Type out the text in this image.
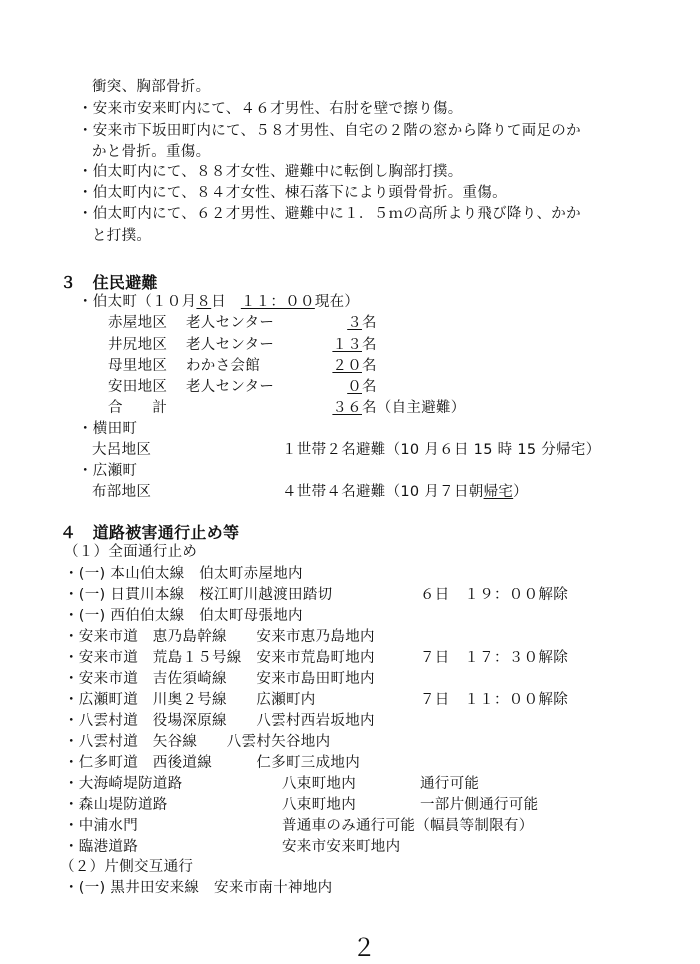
衝突、胸部骨折。
・安来市安来町内にて、４６才男性、右肘を壁で擦り傷。
・安来市下坂田町内にて、５８才男性、自宅の２階の窓から降りて両足のか
かと骨折。重傷。
・伯太町内にて、８８才女性、避難中に転倒し胸部打撲。
・伯太町内にて、８４才女性、棟石落下により頭骨骨折。重傷。
・伯太町内にて、６２才男性、避難中に１．５ｍの高所より飛び降り、かか
と打撲。
３　住民避難
・伯太町（１０月８日　１１：００現在）
赤屋地区 老人センター	３名
井尻地区 老人センター	１３名
母里地区 わかさ会館	２０名
安田地区 老人センター	０名
合　　計	３６名（自主避難）
・横田町
大呂地区	１世帯２名避難（10 月６日 15 時 15 分帰宅）
・広瀬町
布部地区	４世帯４名避難（10 月７日朝帰宅）
４　道路被害通行止め等
（１）全面通行止め
・(一) 本山伯太線　伯太町赤屋地内
・(一) 日貫川本線　桜江町川越渡田踏切	６日　１９：００解除
・(一) 西伯伯太線　伯太町母張地内
・安来市道　恵乃島幹線　　安来市恵乃島地内
・安来市道　荒島１５号線　安来市荒島町地内	７日　１７：３０解除
・安来市道　吉佐須崎線　　安来市島田町地内
・広瀬町道　川奥２号線　　広瀬町内	７日　１１：００解除
・八雲村道　役場深原線　　八雲村西岩坂地内
・八雲村道　矢谷線　　八雲村矢谷地内
・仁多町道　西後道線　　　仁多町三成地内
・大海崎堤防道路	八束町地内	通行可能
・森山堤防道路	八束町地内	一部片側通行可能
・中浦水門	普通車のみ通行可能（幅員等制限有）
・臨港道路	安来市安来町地内
（２）片側交互通行
・(一) 黒井田安来線　安来市南十神地内
２
